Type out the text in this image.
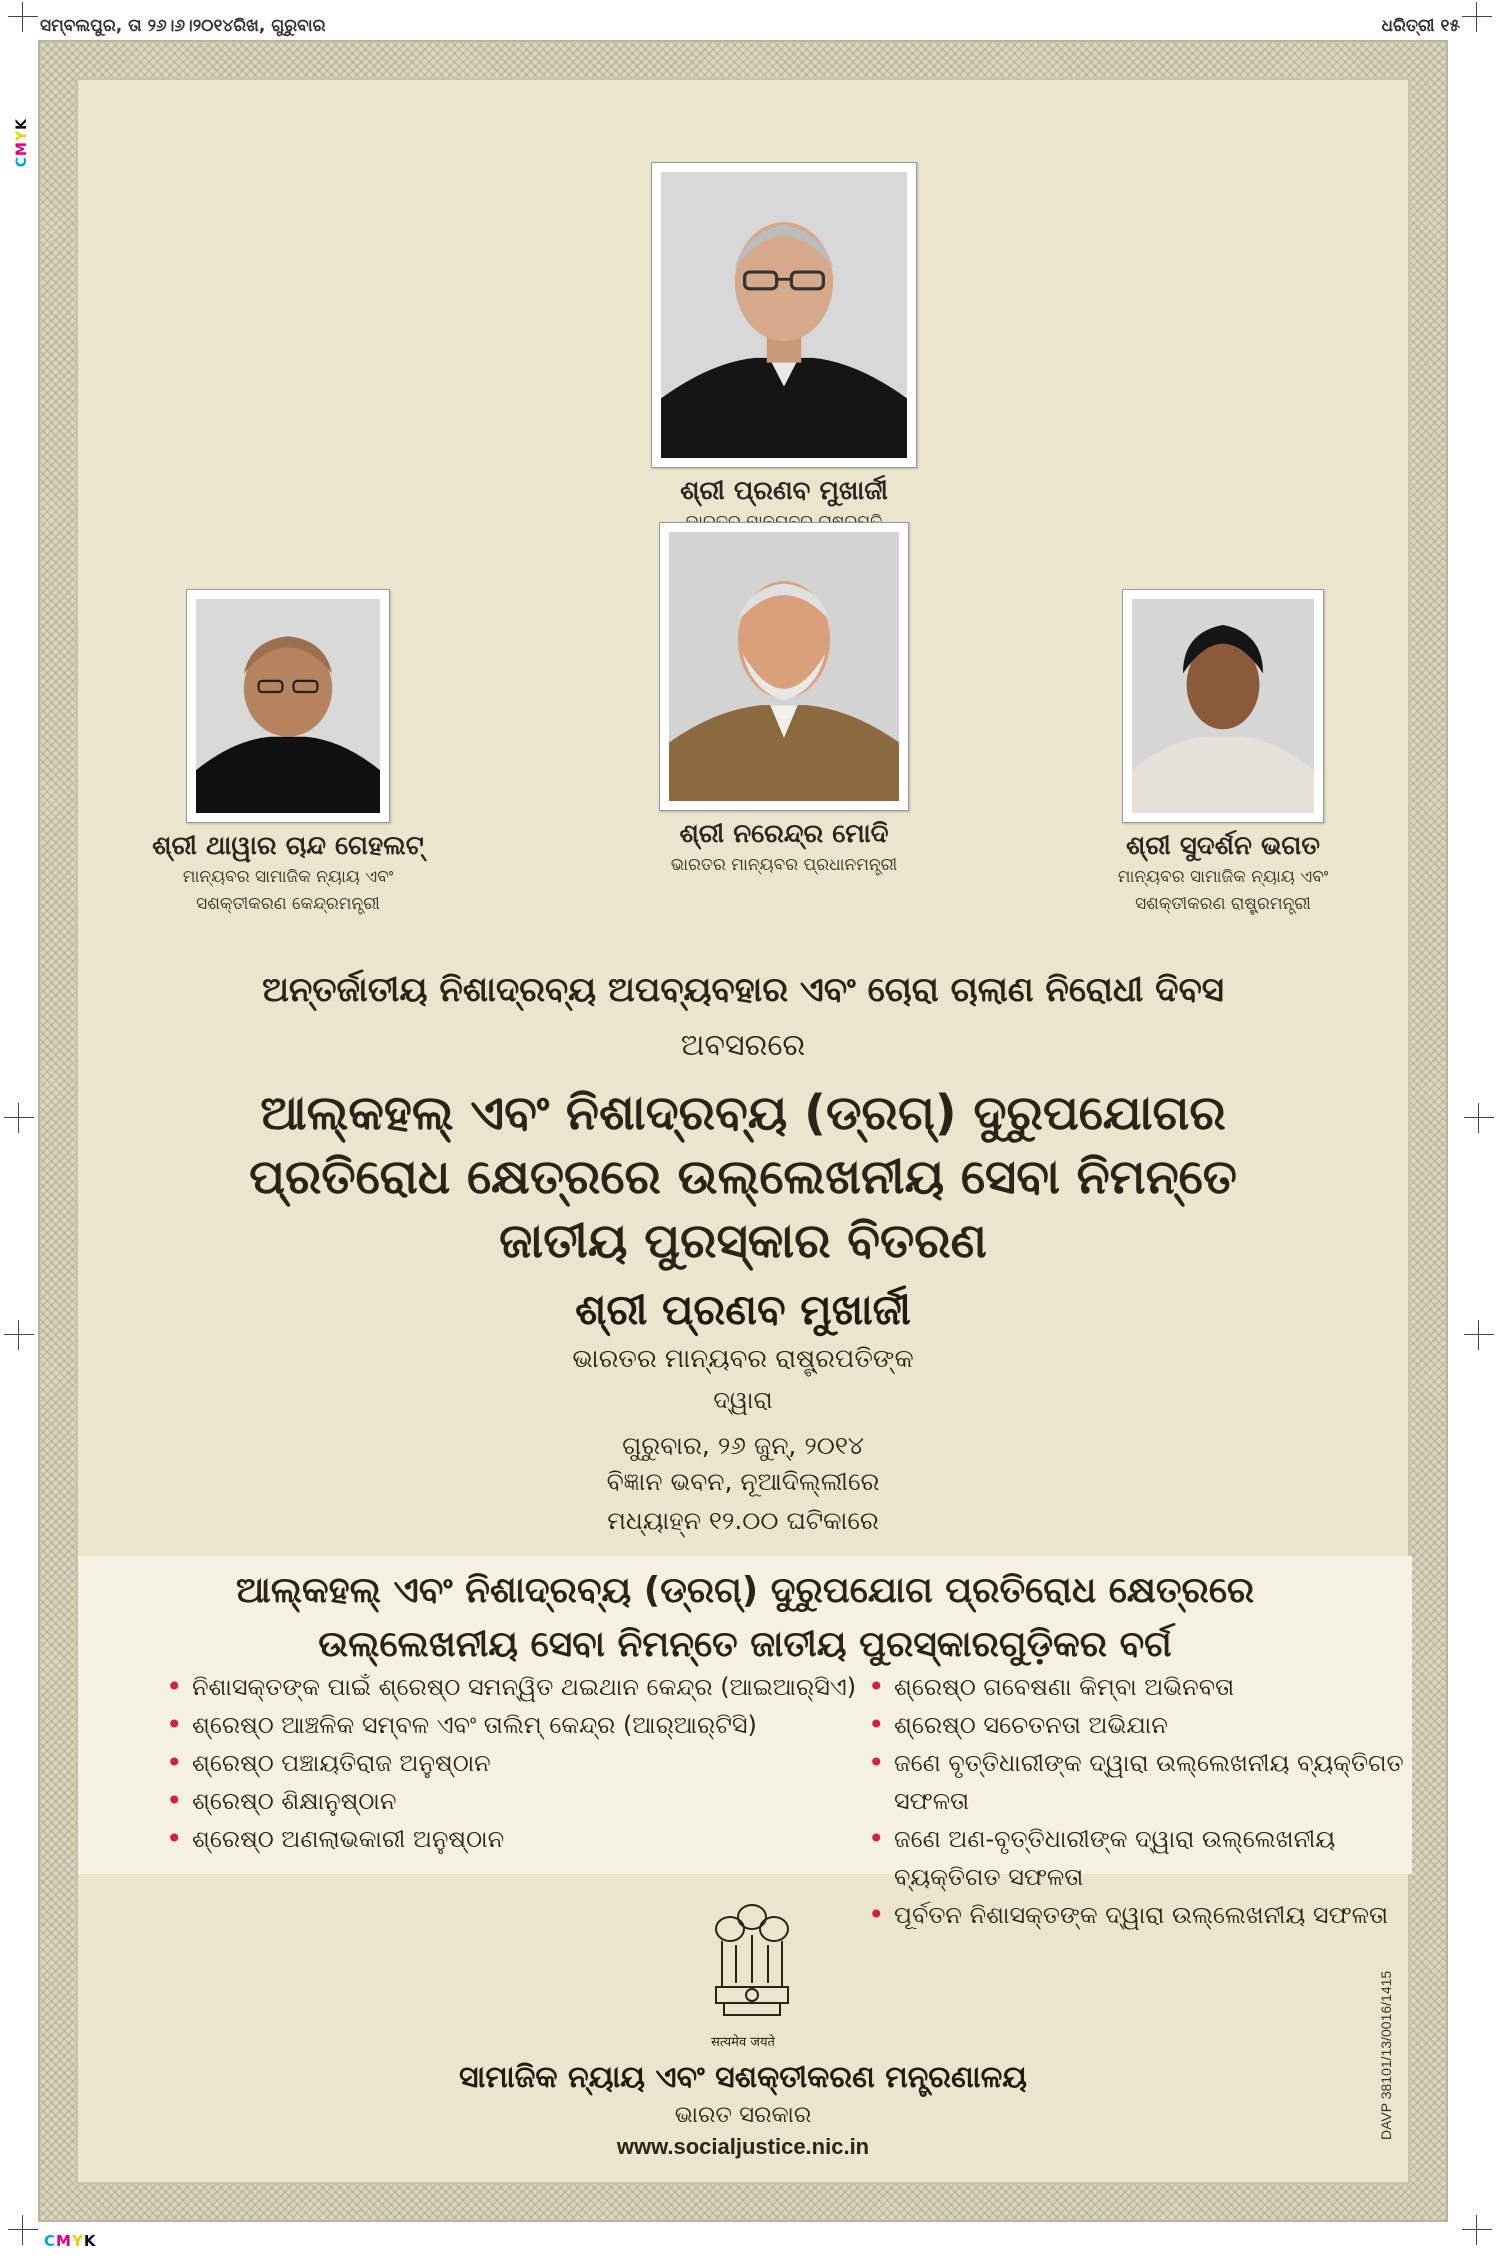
ସମ୍ବଲପୁର, ତା ୨୬।୬।୨୦୧୪ରିଖ, ଗୁରୁବାର	ଧରିତ୍ରୀ ୧୫
CMYK
CMYK
ଶ୍ରୀ ପ୍ରଣବ ମୁଖାର୍ଜୀ
ଶ୍ରୀ ଥାୱାର ଚାନ୍ଦ ଗେହଲଟ୍
ମାନ୍ୟବର ସାମାଜିକ ନ୍ୟାୟ ଏବଂ
ସଶକ୍ତୀକରଣ କେନ୍ଦ୍ରମନ୍ତ୍ରୀ
ଶ୍ରୀ ନରେନ୍ଦ୍ର ମୋଦି
ଭାରତର ମାନ୍ୟବର ପ୍ରଧାନମନ୍ତ୍ରୀ
ଶ୍ରୀ ସୁଦର୍ଶନ ଭଗତ
ମାନ୍ୟବର ସାମାଜିକ ନ୍ୟାୟ ଏବଂ
ସଶକ୍ତୀକରଣ ରାଷ୍ଟ୍ରମନ୍ତ୍ରୀ
ଅନ୍ତର୍ଜାତୀୟ ନିଶାଦ୍ରବ୍ୟ ଅପବ୍ୟବହାର ଏବଂ ଚୋରା ଚାଲାଣ ନିରୋଧୀ ଦିବସ
ଅବସରରେ
ଆଲ୍‌କହଲ୍ ଏବଂ ନିଶାଦ୍ରବ୍ୟ (ଡ୍ରଗ୍) ଦୁରୁପଯୋଗର
ପ୍ରତିରୋଧ କ୍ଷେତ୍ରରେ ଉଲ୍ଲେଖନୀୟ ସେବା ନିମନ୍ତେ
ଜାତୀୟ ପୁରସ୍କାର ବିତରଣ
ଶ୍ରୀ ପ୍ରଣବ ମୁଖାର୍ଜୀ
ଭାରତର ମାନ୍ୟବର ରାଷ୍ଟ୍ରପତିଙ୍କ
ଦ୍ୱାରା
ଗୁରୁବାର, ୨୬ ଜୁନ୍, ୨୦୧୪
ବିଜ୍ଞାନ ଭବନ, ନୂଆଦିଲ୍ଲୀରେ
ମଧ୍ୟାହ୍ନ ୧୨.୦୦ ଘଟିକାରେ
ଆଲ୍‌କହଲ୍ ଏବଂ ନିଶାଦ୍ରବ୍ୟ (ଡ୍ରଗ୍) ଦୁରୁପଯୋଗ ପ୍ରତିରୋଧ କ୍ଷେତ୍ରରେ
ଉଲ୍ଲେଖନୀୟ ସେବା ନିମନ୍ତେ ଜାତୀୟ ପୁରସ୍କାରଗୁଡ଼ିକର ବର୍ଗ
• ନିଶାସକ୍ତଙ୍କ ପାଇଁ ଶ୍ରେଷ୍ଠ ସମନ୍ୱିତ ଥଇଥାନ କେନ୍ଦ୍ର (ଆଇଆର୍‌ସିଏ)
• ଶ୍ରେଷ୍ଠ ଆଞ୍ଚଳିକ ସମ୍ବଳ ଏବଂ ତାଲିମ୍ କେନ୍ଦ୍ର (ଆର୍‌ଆର୍‌ଟିସି)
• ଶ୍ରେଷ୍ଠ ପଞ୍ଚାୟତିରାଜ ଅନୁଷ୍ଠାନ
• ଶ୍ରେଷ୍ଠ ଶିକ୍ଷାନୁଷ୍ଠାନ
• ଶ୍ରେଷ୍ଠ ଅଣଲାଭକାରୀ ଅନୁଷ୍ଠାନ
• ଶ୍ରେଷ୍ଠ ଗବେଷଣା କିମ୍ବା ଅଭିନବତା
• ଶ୍ରେଷ୍ଠ ସଚେତନତା ଅଭିଯାନ
• ଜଣେ ବୃତ୍ତିଧାରୀଙ୍କ ଦ୍ୱାରା ଉଲ୍ଲେଖନୀୟ ବ୍ୟକ୍ତିଗତ ସଫଳତା
• ଜଣେ ଅଣ-ବୃତ୍ତିଧାରୀଙ୍କ ଦ୍ୱାରା ଉଲ୍ଲେଖନୀୟ ବ୍ୟକ୍ତିଗତ ସଫଳତା
• ପୂର୍ବତନ ନିଶାସକ୍ତଙ୍କ ଦ୍ୱାରା ଉଲ୍ଲେଖନୀୟ ସଫଳତା
सत्यमेव जयते
ସାମାଜିକ ନ୍ୟାୟ ଏବଂ ସଶକ୍ତୀକରଣ ମନ୍ତ୍ରଣାଳୟ
ଭାରତ ସରକାର
www.socialjustice.nic.in
DAVP 38101/13/0016/1415
